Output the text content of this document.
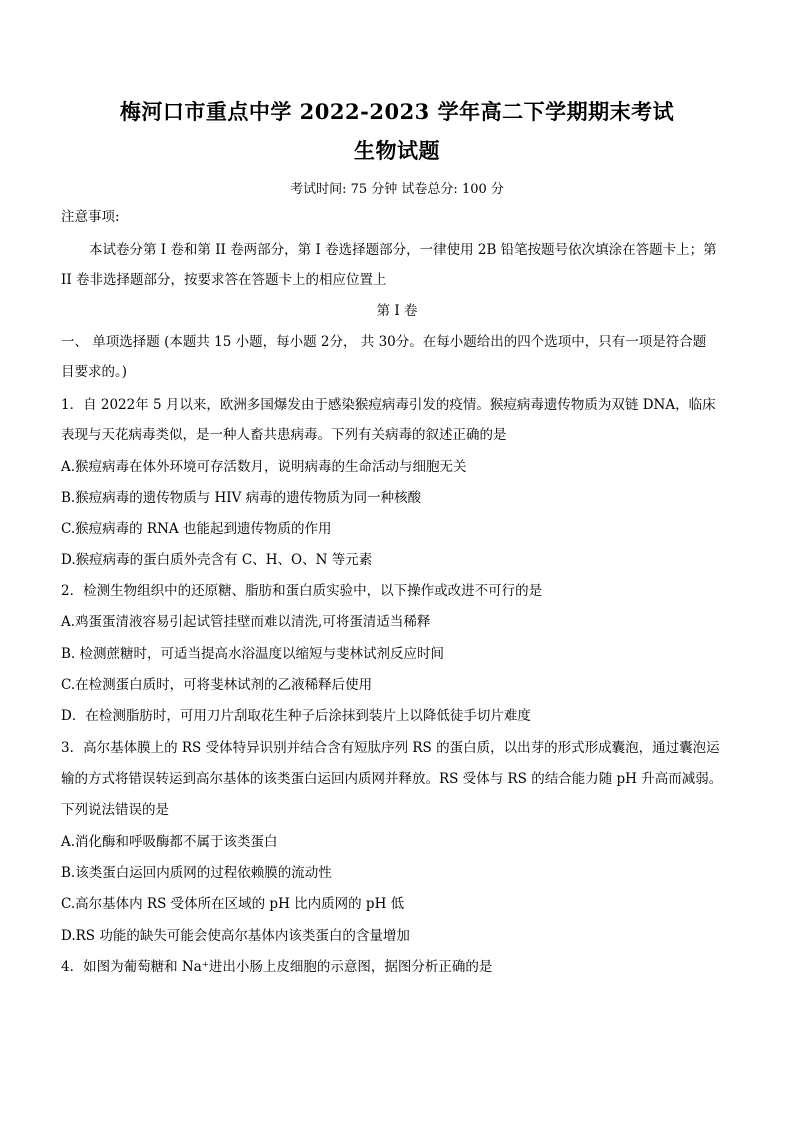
梅河口市重点中学 2022-2023 学年高二下学期期末考试
生物试题
考试时间: 75 分钟 试卷总分: 100 分
注意事项:
本试卷分第 I 卷和第 II 卷两部分，第 I 卷选择题部分，一律使用 2B 铅笔按题号依次填涂在答题卡上；第
II 卷非选择题部分，按要求答在答题卡上的相应位置上
第 I 卷
一、 单项选择题 (本题共 15 小题，每小题 2分， 共 30分。在每小题给出的四个选项中，只有一项是符合题
目要求的。)
1．自 2022年 5 月以来，欧洲多国爆发由于感染猴痘病毒引发的疫情。猴痘病毒遗传物质为双链 DNA，临床
表现与天花病毒类似，是一种人畜共患病毒。下列有关病毒的叙述正确的是
A.猴痘病毒在体外环境可存活数月，说明病毒的生命活动与细胞无关
B.猴痘病毒的遗传物质与 HIV 病毒的遗传物质为同一种核酸
C.猴痘病毒的 RNA 也能起到遗传物质的作用
D.猴痘病毒的蛋白质外壳含有 C、H、O、N 等元素
2．检测生物组织中的还原糖、脂肪和蛋白质实验中，以下操作或改进不可行的是
A.鸡蛋蛋清液容易引起试管挂壁而难以清洗,可将蛋清适当稀释
B. 检测蔗糖时，可适当提高水浴温度以缩短与斐林试剂反应时间
C.在检测蛋白质时，可将斐林试剂的乙液稀释后使用
D．在检测脂肪时，可用刀片刮取花生种子后涂抹到装片上以降低徒手切片难度
3．高尔基体膜上的 RS 受体特异识别并结合含有短肽序列 RS 的蛋白质，以出芽的形式形成囊泡，通过囊泡运
输的方式将错误转运到高尔基体的该类蛋白运回内质网并释放。RS 受体与 RS 的结合能力随 pH 升高而减弱。
下列说法错误的是
A.消化酶和呼吸酶都不属于该类蛋白
B.该类蛋白运回内质网的过程依赖膜的流动性
C.高尔基体内 RS 受体所在区域的 pH 比内质网的 pH 低
D.RS 功能的缺失可能会使高尔基体内该类蛋白的含量增加
4．如图为葡萄糖和 Na⁺进出小肠上皮细胞的示意图，据图分析正确的是
